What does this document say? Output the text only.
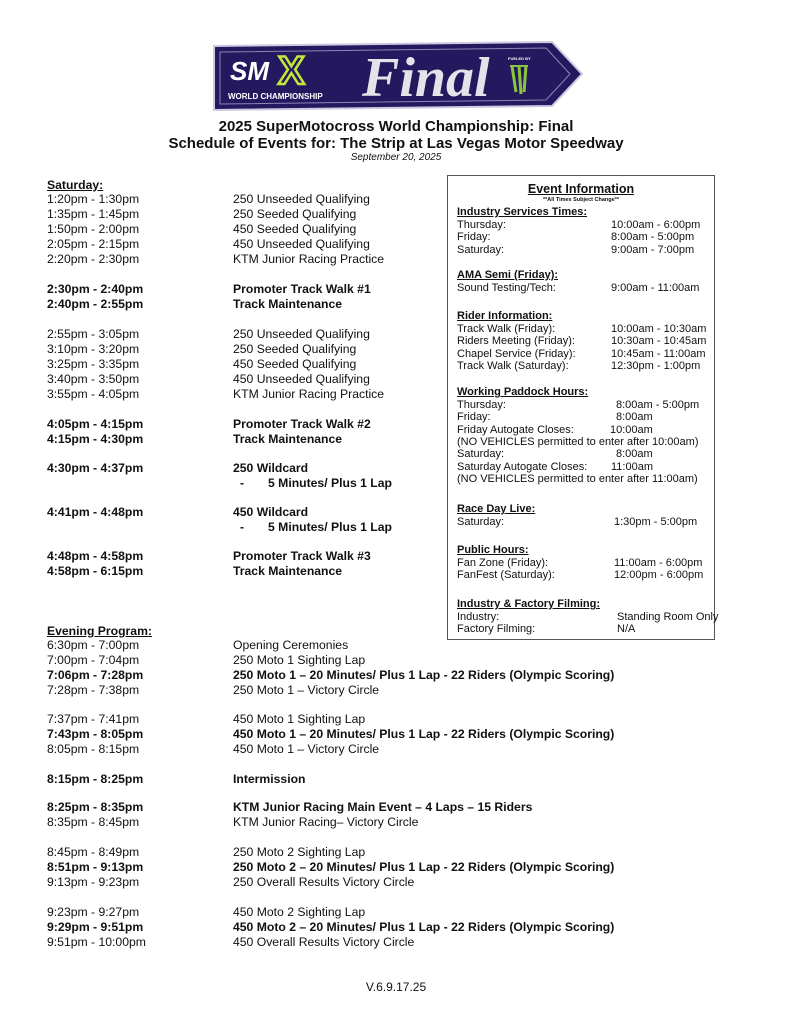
SM X
WORLD CHAMPIONSHIP Final	FUELED BY
2025 SuperMotocross World Championship: Final
Schedule of Events for: The Strip at Las Vegas Motor Speedway
September 20, 2025
Saturday:
1:20pm - 1:30pm	250 Unseeded Qualifying
1:35pm - 1:45pm	250 Seeded Qualifying
1:50pm - 2:00pm	450 Seeded Qualifying
2:05pm - 2:15pm	450 Unseeded Qualifying
2:20pm - 2:30pm	KTM Junior Racing Practice
2:30pm - 2:40pm	Promoter Track Walk #1
2:40pm - 2:55pm	Track Maintenance
2:55pm - 3:05pm	250 Unseeded Qualifying
3:10pm - 3:20pm	250 Seeded Qualifying
3:25pm - 3:35pm	450 Seeded Qualifying
3:40pm - 3:50pm	450 Unseeded Qualifying
3:55pm - 4:05pm	KTM Junior Racing Practice
4:05pm - 4:15pm	Promoter Track Walk #2
4:15pm - 4:30pm	Track Maintenance
4:30pm - 4:37pm	250 Wildcard
- 5 Minutes/ Plus 1 Lap
4:41pm - 4:48pm	450 Wildcard
- 5 Minutes/ Plus 1 Lap
4:48pm - 4:58pm	Promoter Track Walk #3
4:58pm - 6:15pm	Track Maintenance
Evening Program:
6:30pm - 7:00pm	Opening Ceremonies
7:00pm - 7:04pm	250 Moto 1 Sighting Lap
7:06pm - 7:28pm	250 Moto 1 – 20 Minutes/ Plus 1 Lap - 22 Riders (Olympic Scoring)
7:28pm - 7:38pm	250 Moto 1 – Victory Circle
7:37pm - 7:41pm	450 Moto 1 Sighting Lap
7:43pm - 8:05pm	450 Moto 1 – 20 Minutes/ Plus 1 Lap - 22 Riders (Olympic Scoring)
8:05pm - 8:15pm	450 Moto 1 – Victory Circle
8:15pm - 8:25pm	Intermission
8:25pm - 8:35pm	KTM Junior Racing Main Event – 4 Laps – 15 Riders
8:35pm - 8:45pm	KTM Junior Racing– Victory Circle
8:45pm - 8:49pm	250 Moto 2 Sighting Lap
8:51pm - 9:13pm	250 Moto 2 – 20 Minutes/ Plus 1 Lap - 22 Riders (Olympic Scoring)
9:13pm - 9:23pm	250 Overall Results Victory Circle
9:23pm - 9:27pm	450 Moto 2 Sighting Lap
9:29pm - 9:51pm	450 Moto 2 – 20 Minutes/ Plus 1 Lap - 22 Riders (Olympic Scoring)
9:51pm - 10:00pm	450 Overall Results Victory Circle
Event Information
**All Times Subject Change**
Industry Services Times:
Thursday:	10:00am - 6:00pm
Friday:	8:00am - 5:00pm
Saturday:	9:00am - 7:00pm
AMA Semi (Friday):
Sound Testing/Tech:	9:00am - 11:00am
Rider Information:
Track Walk (Friday):	10:00am - 10:30am
Riders Meeting (Friday):	10:30am - 10:45am
Chapel Service (Friday):	10:45am - 11:00am
Track Walk (Saturday):	12:30pm - 1:00pm
Working Paddock Hours:
Thursday:	8:00am - 5:00pm
Friday:	8:00am
Friday Autogate Closes:	10:00am
(NO VEHICLES permitted to enter after 10:00am)
Saturday:	8:00am
Saturday Autogate Closes: 11:00am
(NO VEHICLES permitted to enter after 11:00am)
Race Day Live:
Saturday:	1:30pm - 5:00pm
Public Hours:
Fan Zone (Friday):	11:00am - 6:00pm
FanFest (Saturday):	12:00pm - 6:00pm
Industry & Factory Filming:
Industry:	Standing Room Only
Factory Filming:	N/A
V.6.9.17.25
